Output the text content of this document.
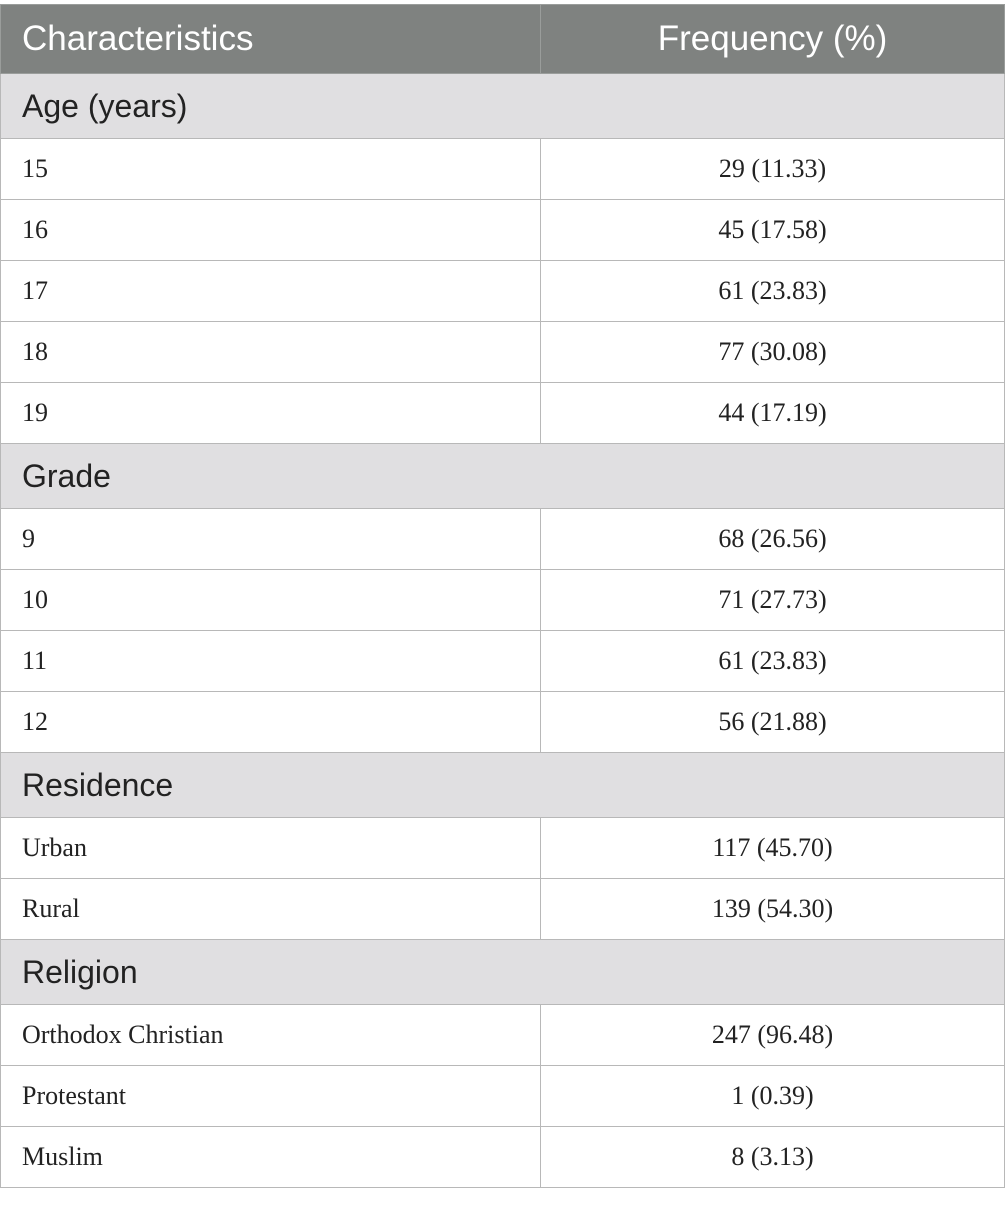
Characteristics	Frequency (%)
Age (years)	
15	29 (11.33)
16	45 (17.58)
17	61 (23.83)
18	77 (30.08)
19	44 (17.19)
Grade	
9	68 (26.56)
10	71 (27.73)
11	61 (23.83)
12	56 (21.88)
Residence	
Urban	117 (45.70)
Rural	139 (54.30)
Religion	
Orthodox Christian	247 (96.48)
Protestant	1 (0.39)
Muslim	8 (3.13)
